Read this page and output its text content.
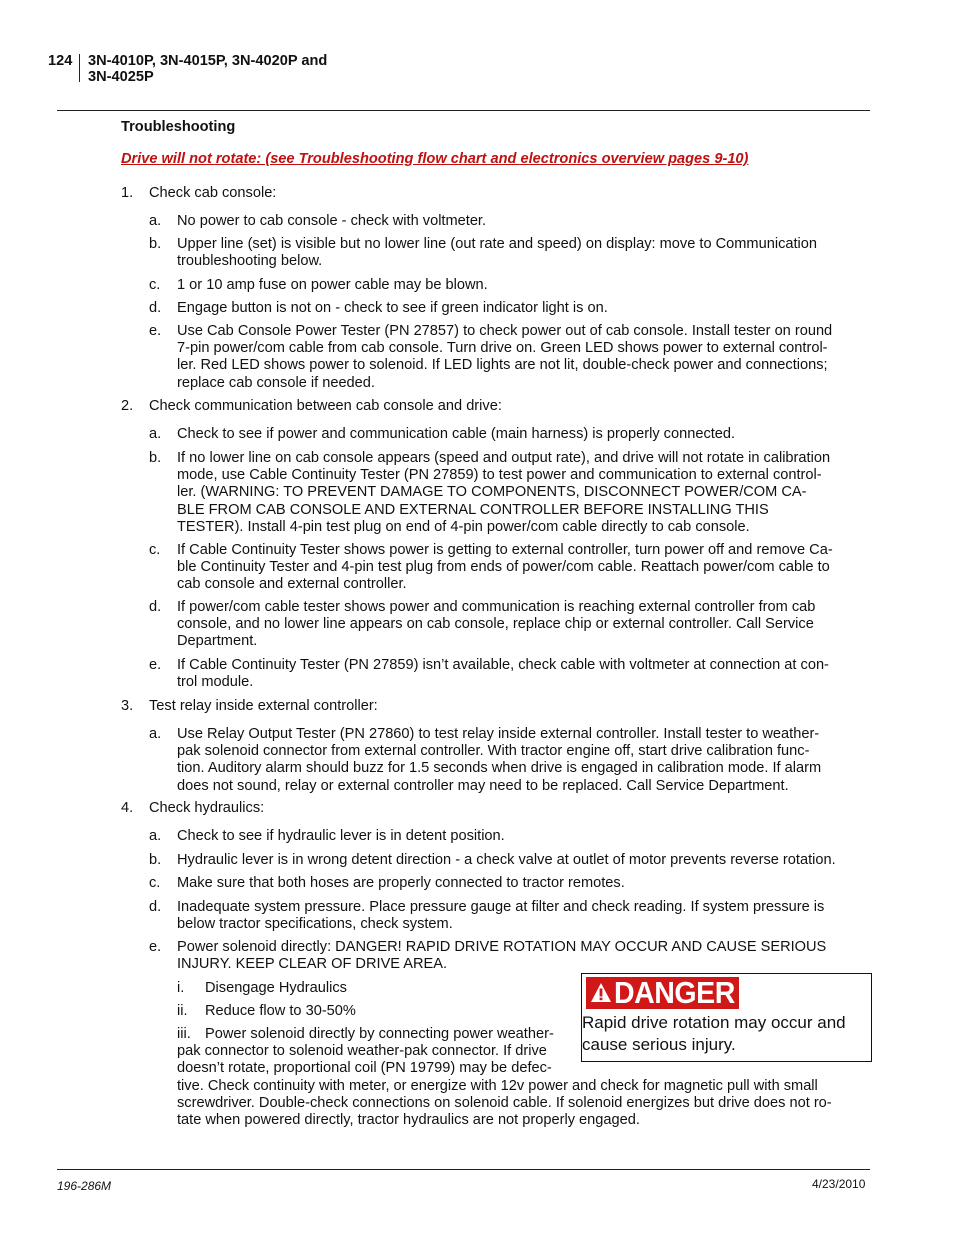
124 3N-4010P, 3N-4015P, 3N-4020P and
3N-4025P
Troubleshooting
Drive will not rotate: (see Troubleshooting flow chart and electronics overview pages 9-10)
1. Check cab console:
a. No power to cab console - check with voltmeter.
b. Upper line (set) is visible but no lower line (out rate and speed) on display: move to Communication
troubleshooting below.
c. 1 or 10 amp fuse on power cable may be blown.
d. Engage button is not on - check to see if green indicator light is on.
e. Use Cab Console Power Tester (PN 27857) to check power out of cab console. Install tester on round
7-pin power/com cable from cab console. Turn drive on. Green LED shows power to external control-
ler. Red LED shows power to solenoid. If LED lights are not lit, double-check power and connections;
replace cab console if needed.
2. Check communication between cab console and drive:
a. Check to see if power and communication cable (main harness) is properly connected.
b. If no lower line on cab console appears (speed and output rate), and drive will not rotate in calibration
mode, use Cable Continuity Tester (PN 27859) to test power and communication to external control-
ler. (WARNING: TO PREVENT DAMAGE TO COMPONENTS, DISCONNECT POWER/COM CA-
BLE FROM CAB CONSOLE AND EXTERNAL CONTROLLER BEFORE INSTALLING THIS
TESTER). Install 4-pin test plug on end of 4-pin power/com cable directly to cab console.
c. If Cable Continuity Tester shows power is getting to external controller, turn power off and remove Ca-
ble Continuity Tester and 4-pin test plug from ends of power/com cable. Reattach power/com cable to
cab console and external controller.
d. If power/com cable tester shows power and communication is reaching external controller from cab
console, and no lower line appears on cab console, replace chip or external controller. Call Service
Department.
e. If Cable Continuity Tester (PN 27859) isn’t available, check cable with voltmeter at connection at con-
trol module.
3. Test relay inside external controller:
a. Use Relay Output Tester (PN 27860) to test relay inside external controller. Install tester to weather-
pak solenoid connector from external controller. With tractor engine off, start drive calibration func-
tion. Auditory alarm should buzz for 1.5 seconds when drive is engaged in calibration mode. If alarm
does not sound, relay or external controller may need to be replaced. Call Service Department.
4. Check hydraulics:
a. Check to see if hydraulic lever is in detent position.
b. Hydraulic lever is in wrong detent direction - a check valve at outlet of motor prevents reverse rotation.
c. Make sure that both hoses are properly connected to tractor remotes.
d. Inadequate system pressure. Place pressure gauge at filter and check reading. If system pressure is
below tractor specifications, check system.
e. Power solenoid directly: DANGER! RAPID DRIVE ROTATION MAY OCCUR AND CAUSE SERIOUS
INJURY. KEEP CLEAR OF DRIVE AREA.
i. Disengage Hydraulics
ii. Reduce flow to 30-50%
iii. Power solenoid directly by connecting power weather-
pak connector to solenoid weather-pak connector. If drive
doesn’t rotate, proportional coil (PN 19799) may be defec-
tive. Check continuity with meter, or energize with 12v power and check for magnetic pull with small
screwdriver. Double-check connections on solenoid cable. If solenoid energizes but drive does not ro-
tate when powered directly, tractor hydraulics are not properly engaged.
DANGER
Rapid drive rotation may occur and
cause serious injury.
196-286M	4/23/2010
